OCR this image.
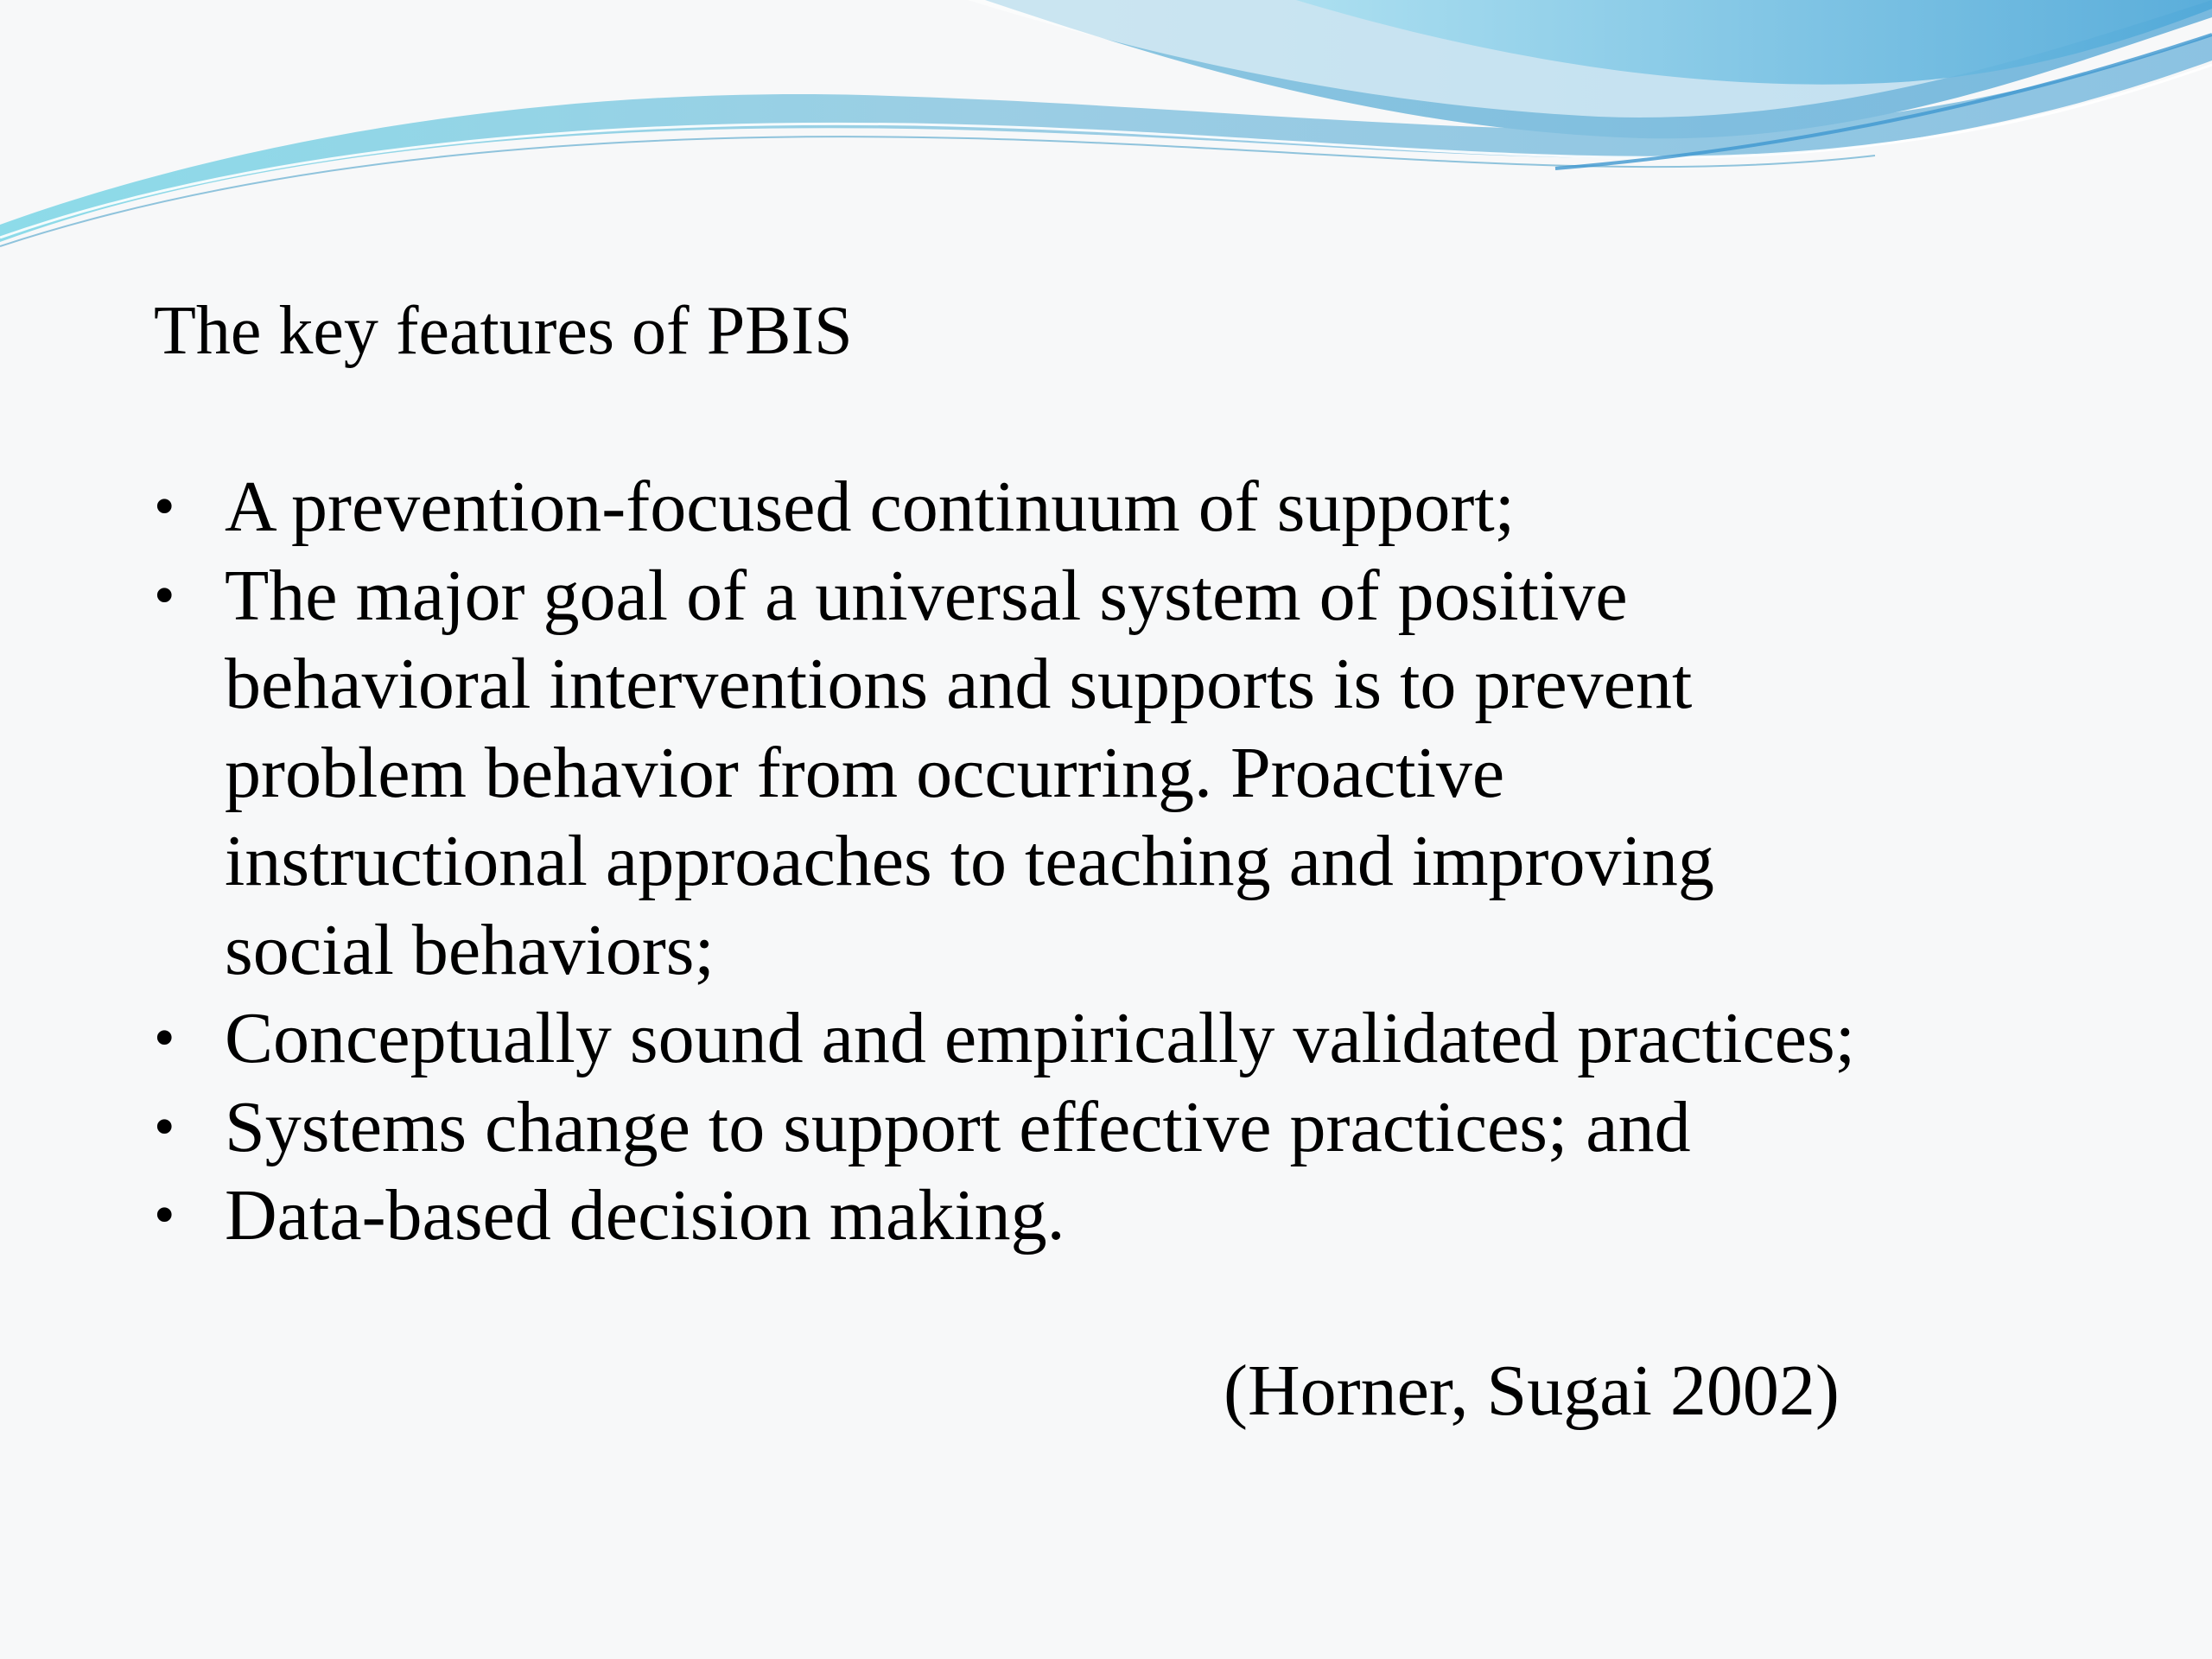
The key features of PBIS
• A prevention-focused continuum of support;
• The major goal of a universal system of positive
behavioral interventions and supports is to prevent
problem behavior from occurring. Proactive
instructional approaches to teaching and improving
social behaviors;
• Conceptually sound and empirically validated practices;
• Systems change to support effective practices; and
• Data-based decision making.
(Horner, Sugai 2002)
